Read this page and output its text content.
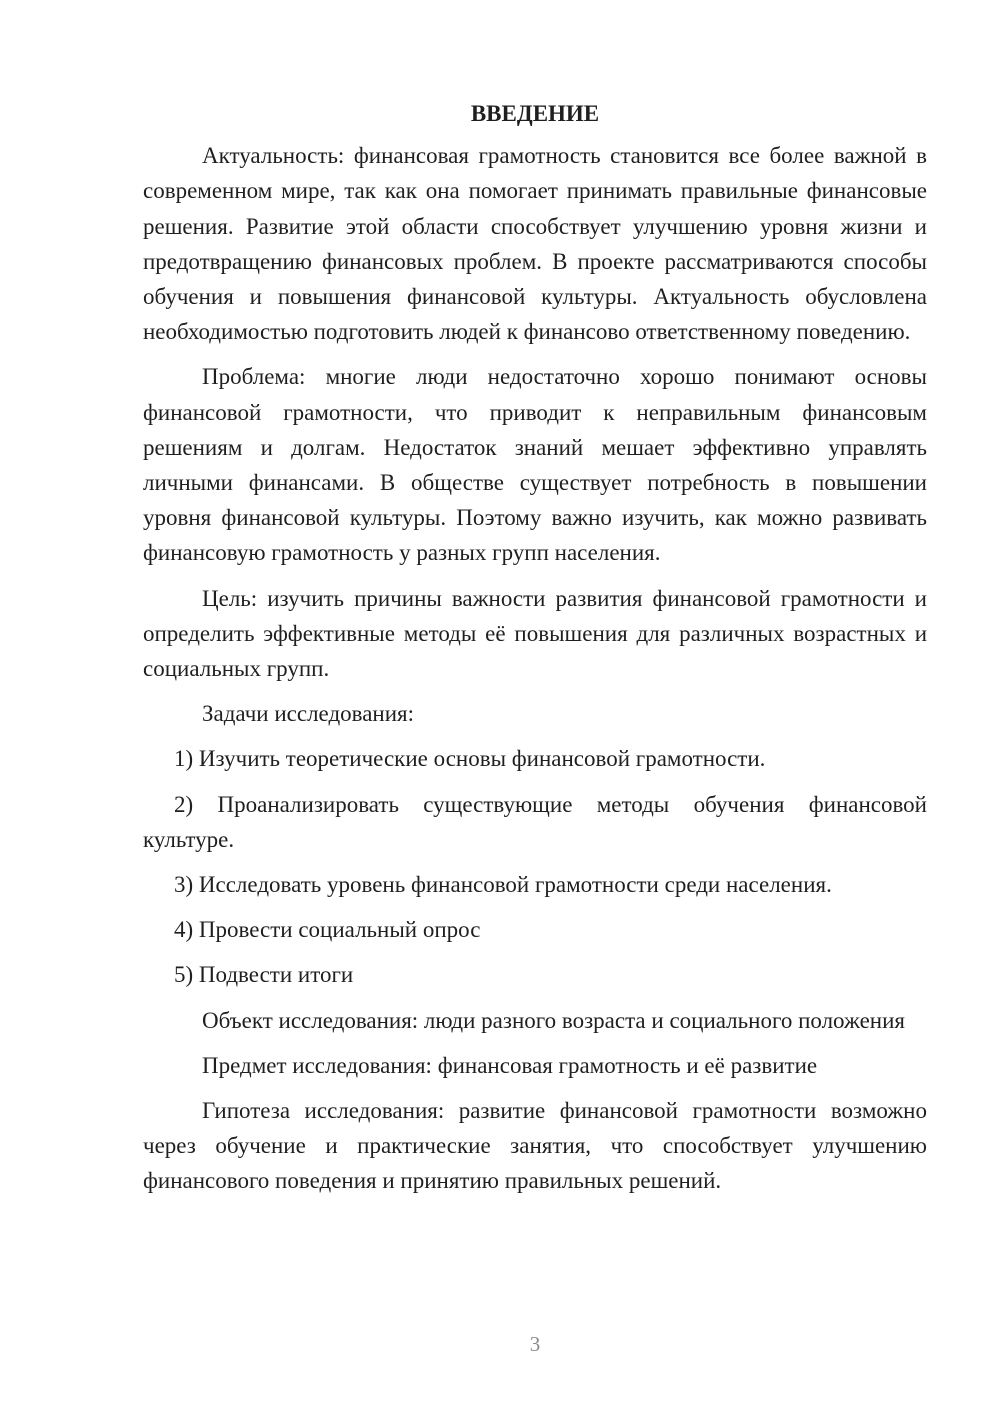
ВВЕДЕНИЕ

Актуальность: финансовая грамотность становится все более важной в современном мире, так как она помогает принимать правильные финансовые решения. Развитие этой области способствует улучшению уровня жизни и предотвращению финансовых проблем. В проекте рассматриваются способы обучения и повышения финансовой культуры. Актуальность обусловлена необходимостью подготовить людей к финансово ответственному поведению.

Проблема: многие люди недостаточно хорошо понимают основы финансовой грамотности, что приводит к неправильным финансовым решениям и долгам. Недостаток знаний мешает эффективно управлять личными финансами. В обществе существует потребность в повышении уровня финансовой культуры. Поэтому важно изучить, как можно развивать финансовую грамотность у разных групп населения.

Цель: изучить причины важности развития финансовой грамотности и определить эффективные методы её повышения для различных возрастных и социальных групп.

Задачи исследования:

1) Изучить теоретические основы финансовой грамотности.

2) Проанализировать существующие методы обучения финансовой культуре.

3) Исследовать уровень финансовой грамотности среди населения.

4) Провести социальный опрос

5) Подвести итоги

Объект исследования: люди разного возраста и социального положения

Предмет исследования: финансовая грамотность и её развитие

Гипотеза исследования: развитие финансовой грамотности возможно через обучение и практические занятия, что способствует улучшению финансового поведения и принятию правильных решений.

3
